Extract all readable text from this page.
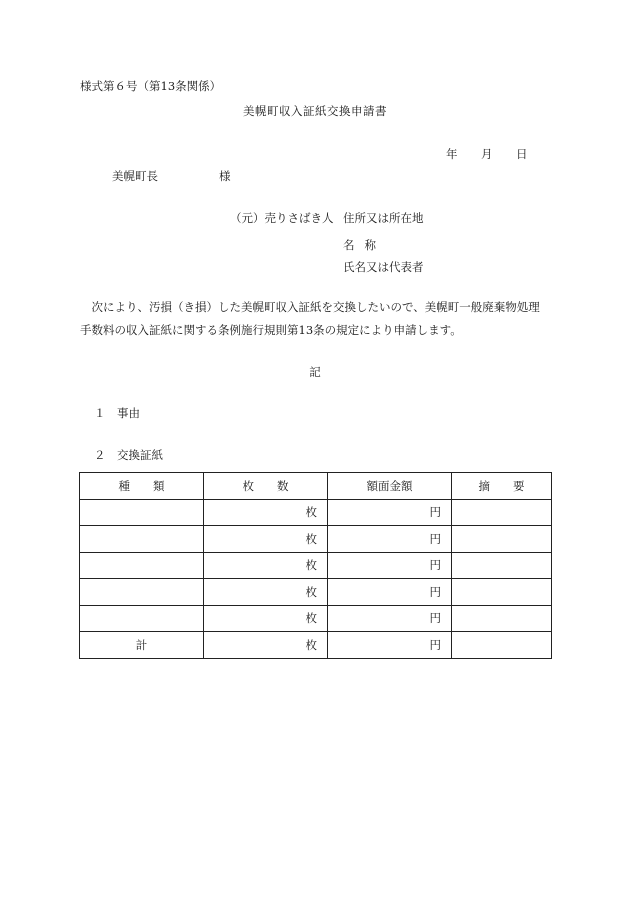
様式第６号（第13条関係）
美幌町収入証紙交換申請書
年 月 日
美幌町長	様
（元）売りさばき人 住所又は所在地
名称
氏名又は代表者
　次により、汚損（き損）した美幌町収入証紙を交換したいので、美幌町一般廃棄物処理
手数料の収入証紙に関する条例施行規則第13条の規定により申請します。
記
１　事由
２　交換証紙
種　　類	枚　　数	額面金額	摘　　要
	枚	円	
	枚	円	
	枚	円	
	枚	円	
	枚	円	
計	枚	円	
